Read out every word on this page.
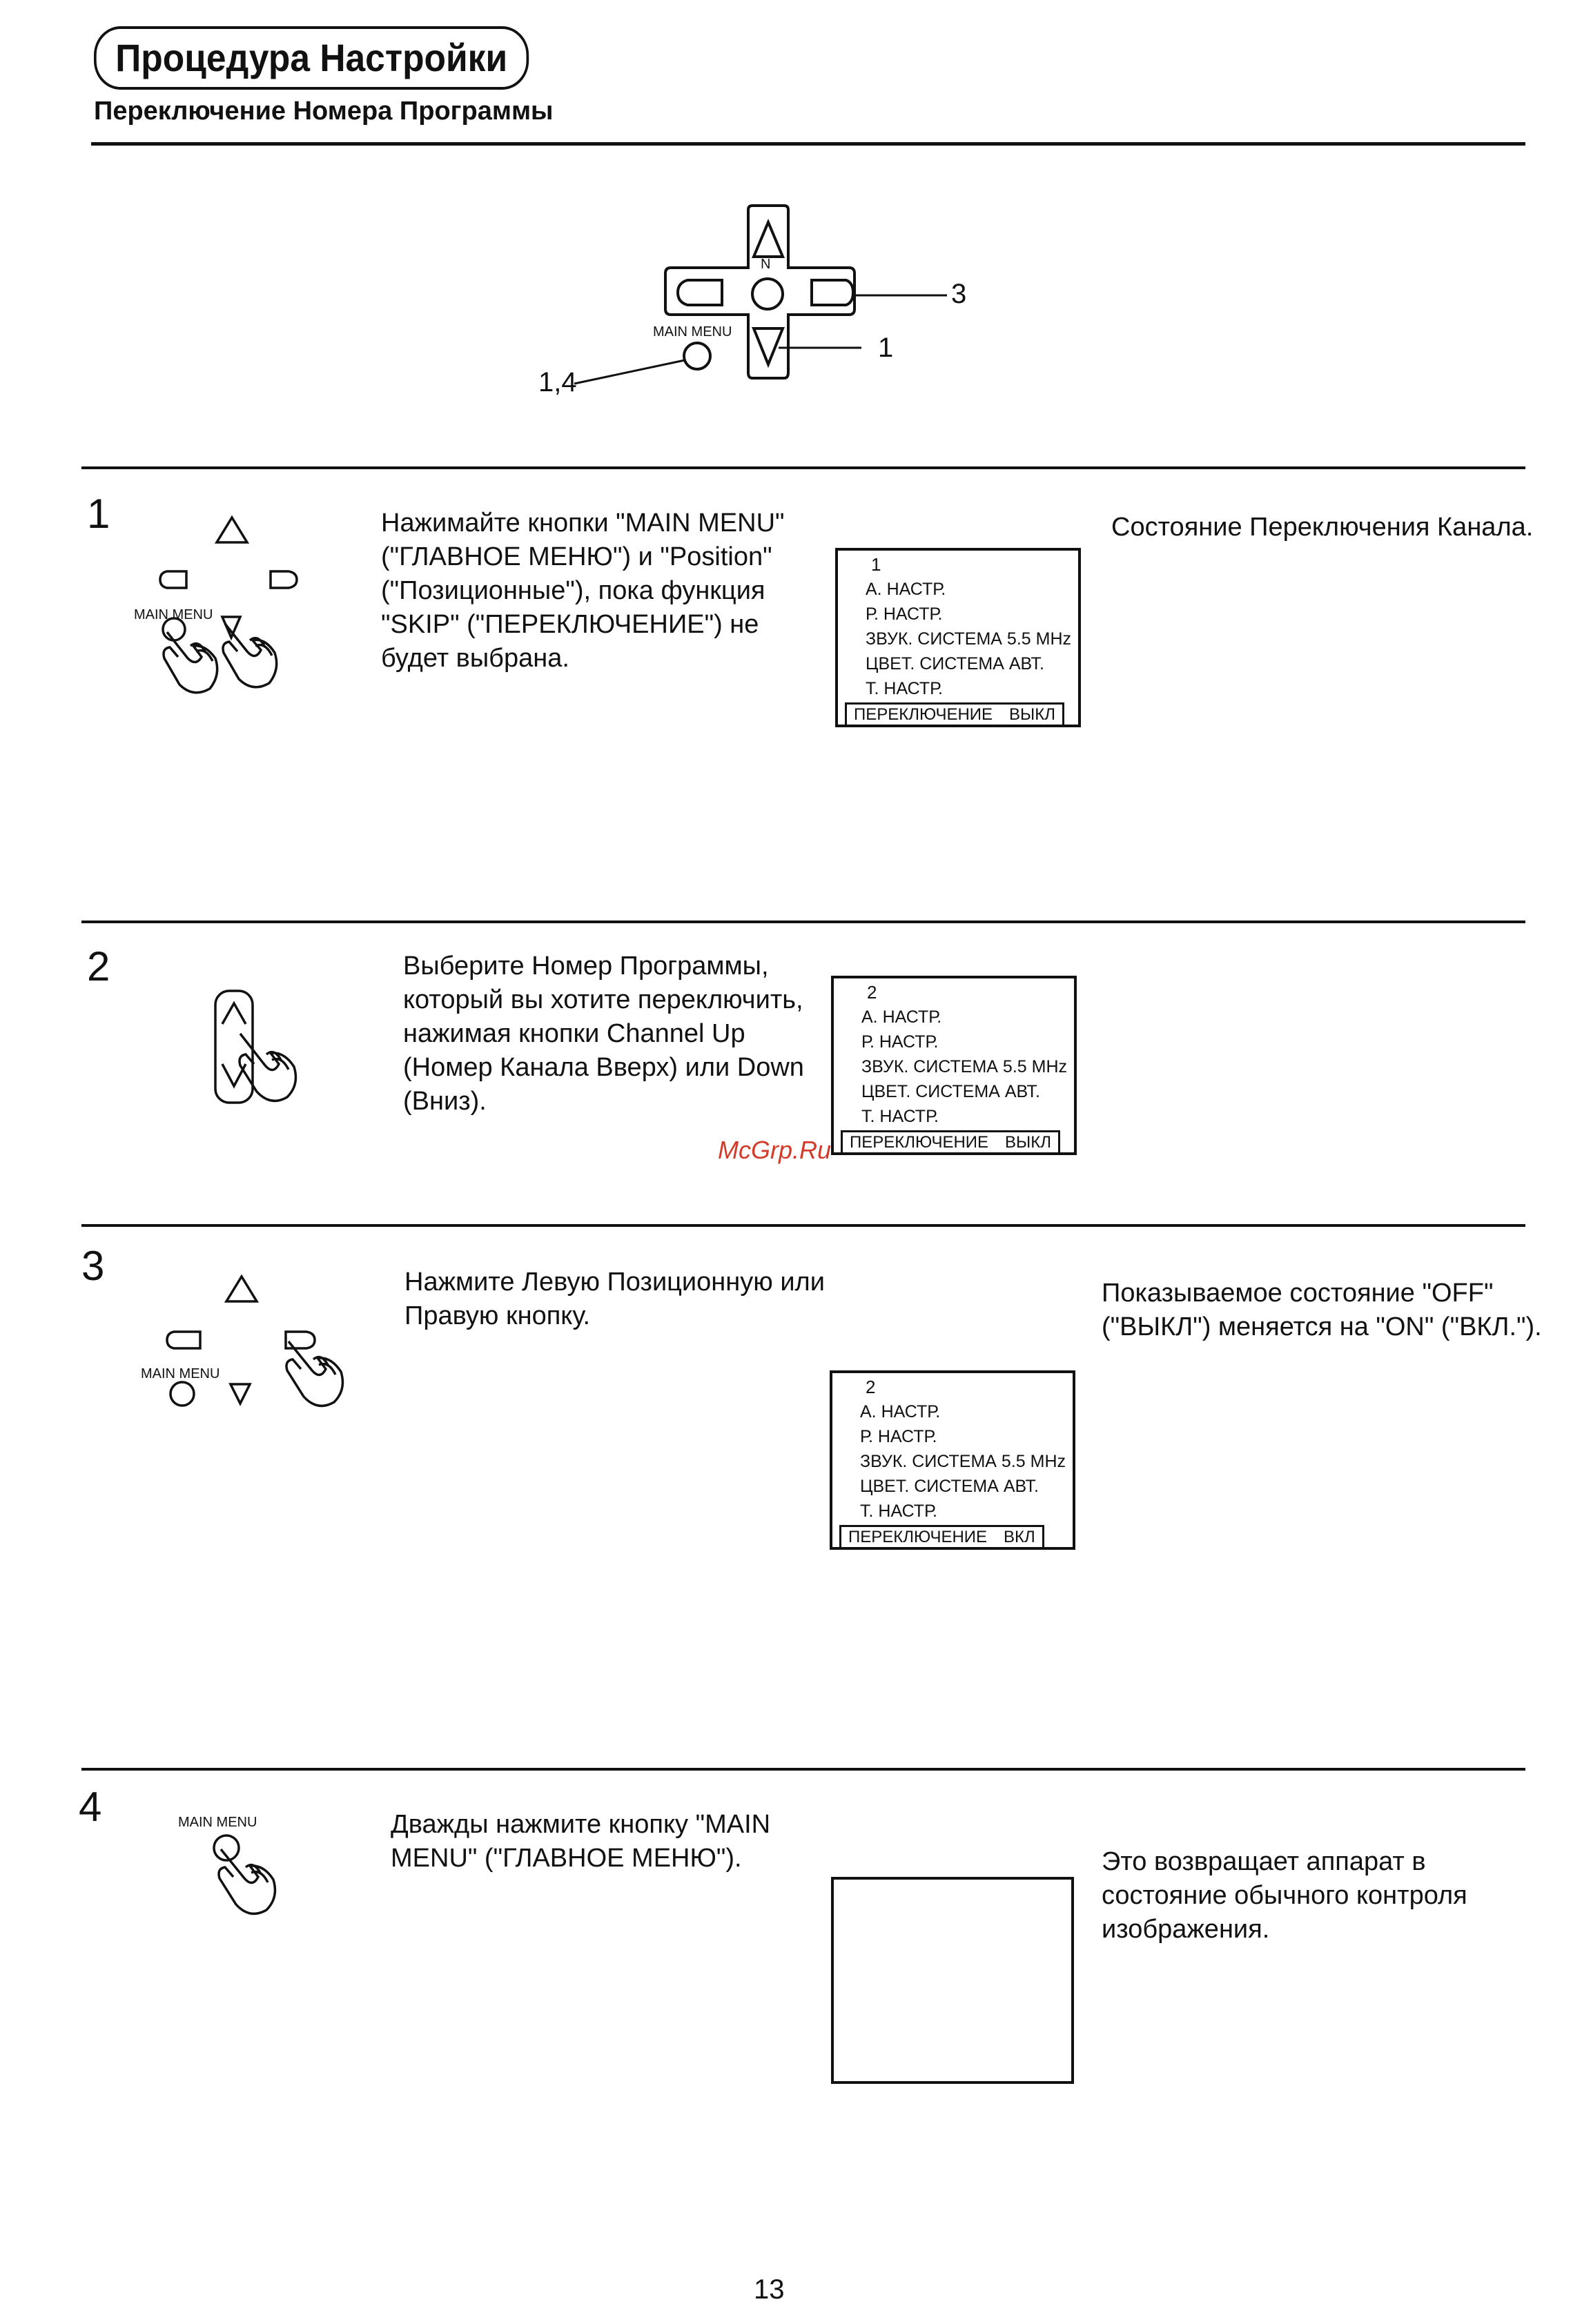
Процедура Настройки
Переключение Номера Программы
N
MAIN MENU
3
1
1,4
1
MAIN MENU
Нажимайте кнопки "MAIN MENU"
("ГЛАВНОЕ МЕНЮ") и "Position"
("Позиционные"), пока функция
"SKIP" ("ПЕРЕКЛЮЧЕНИЕ") не
будет выбрана.
Состояние Переключения Канала.
1
А. НАСТР.
Р. НАСТР.
ЗВУК. СИСТЕМА 5.5 MHz
ЦВЕТ. СИСТЕМА АВТ.
Т. НАСТР.
ПЕРЕКЛЮЧЕНИЕ ВЫКЛ
2	Выберите Номер Программы,
который вы хотите переключить,
нажимая кнопки Channel Up
(Номер Канала Вверх) или Down
(Вниз).
2
А. НАСТР.
Р. НАСТР.
ЗВУК. СИСТЕМА 5.5 MHz
ЦВЕТ. СИСТЕМА АВТ.
Т. НАСТР.
ПЕРЕКЛЮЧЕНИЕ ВЫКЛ
McGrp.Ru
3
MAIN MENU
Нажмите Левую Позиционную или
Правую кнопку.
Показываемое состояние "OFF"
("ВЫКЛ") меняется на "ON" ("ВКЛ.").
2
А. НАСТР.
Р. НАСТР.
ЗВУК. СИСТЕМА 5.5 MHz
ЦВЕТ. СИСТЕМА АВТ.
Т. НАСТР.
ПЕРЕКЛЮЧЕНИЕ ВКЛ
4	MAIN MENU	Дважды нажмите кнопку "MAIN
MENU" ("ГЛАВНОЕ МЕНЮ").	Это возвращает аппарат в
состояние обычного контроля
изображения.
13
